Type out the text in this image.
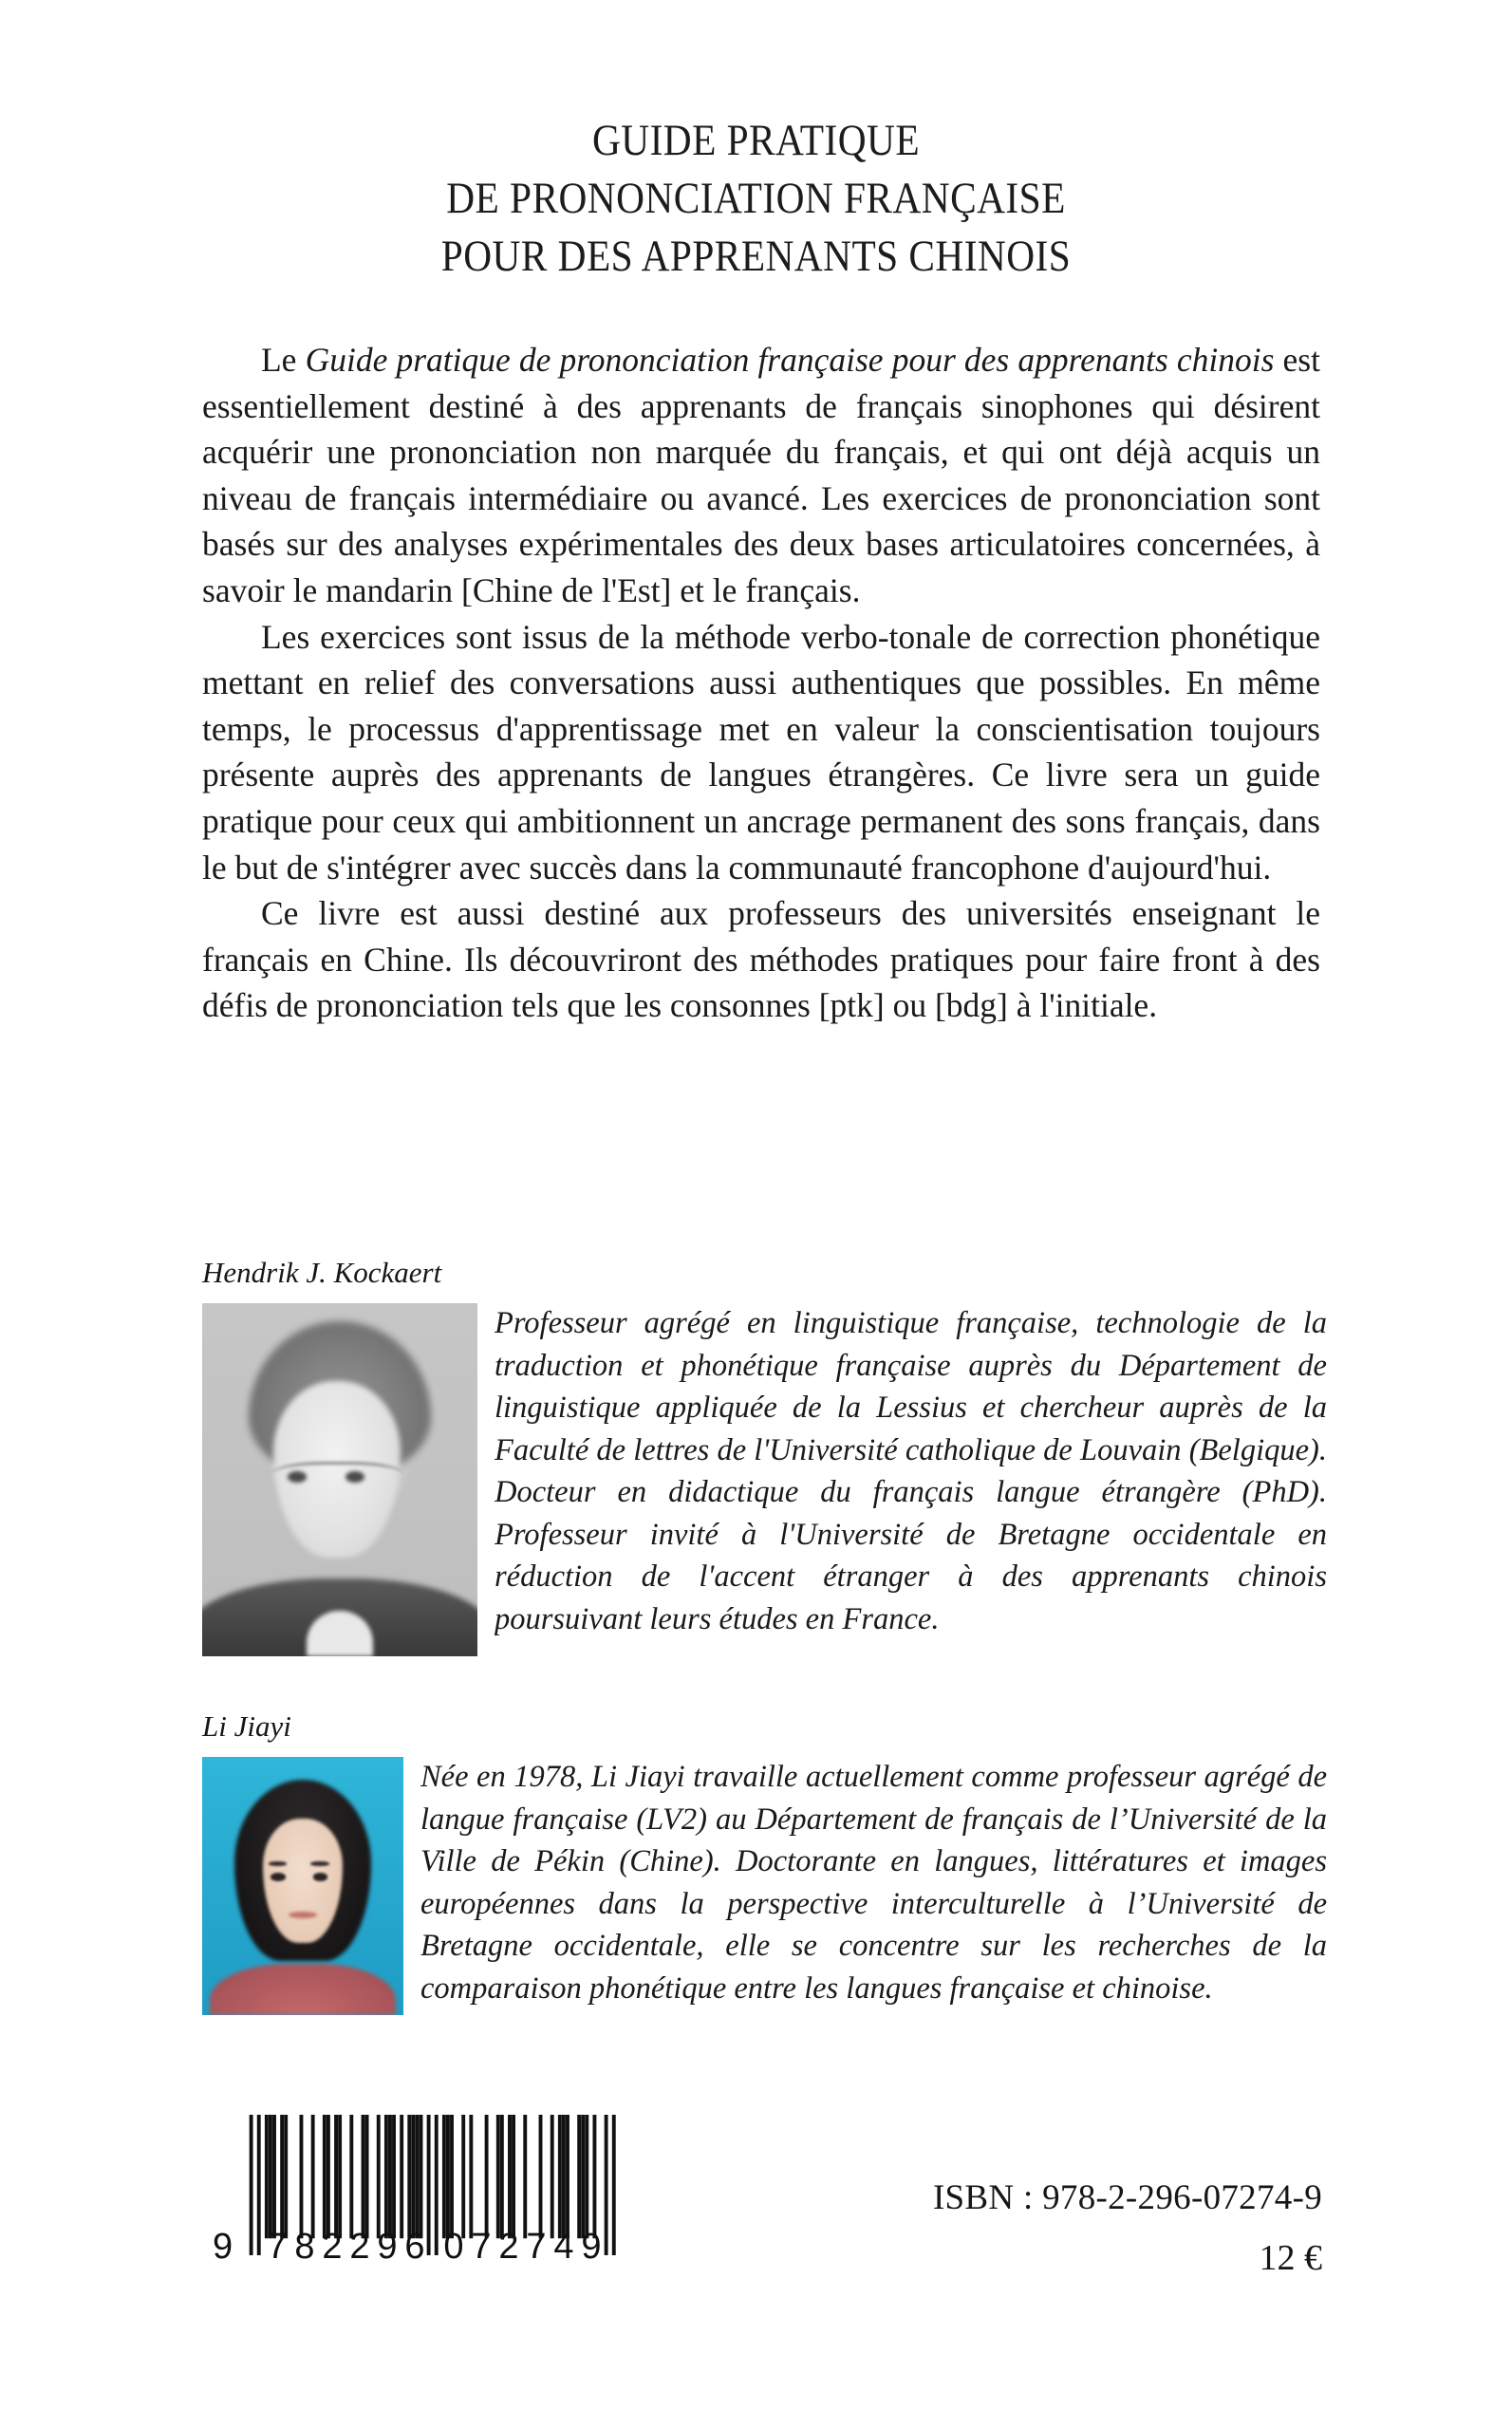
GUIDE PRATIQUE
DE PRONONCIATION FRANÇAISE
POUR DES APPRENANTS CHINOIS

Le Guide pratique de prononciation française pour des apprenants chinois est essentiellement destiné à des apprenants de français sinophones qui désirent acquérir une prononciation non marquée du français, et qui ont déjà acquis un niveau de français intermédiaire ou avancé. Les exercices de prononciation sont basés sur des analyses expérimentales des deux bases articulatoires concernées, à savoir le mandarin [Chine de l'Est] et le français.

Les exercices sont issus de la méthode verbo-tonale de correction phonétique mettant en relief des conversations aussi authentiques que possibles. En même temps, le processus d'apprentissage met en valeur la conscientisation toujours présente auprès des apprenants de langues étrangères. Ce livre sera un guide pratique pour ceux qui ambitionnent un ancrage permanent des sons français, dans le but de s'intégrer avec succès dans la communauté francophone d'aujourd'hui.

Ce livre est aussi destiné aux professeurs des universités enseignant le français en Chine. Ils découvriront des méthodes pratiques pour faire front à des défis de prononciation tels que les consonnes [ptk] ou [bdg] à l'initiale.

Hendrik J. Kockaert

Professeur agrégé en linguistique française, technologie de la traduction et phonétique française auprès du Département de linguistique appliquée de la Lessius et chercheur auprès de la Faculté de lettres de l'Université catholique de Louvain (Belgique). Docteur en didactique du français langue étrangère (PhD). Professeur invité à l'Université de Bretagne occidentale en réduction de l'accent étranger à des apprenants chinois poursuivant leurs études en France.

Li Jiayi

Née en 1978, Li Jiayi travaille actuellement comme professeur agrégé de langue française (LV2) au Département de français de l’Université de la Ville de Pékin (Chine). Doctorante en langues, littératures et images européennes dans la perspective interculturelle à l’Université de Bretagne occidentale, elle se concentre sur les recherches de la comparaison phonétique entre les langues française et chinoise.

9 7 8 2 2 9 6 0 7 2 7 4 9
ISBN : 978-2-296-07274-9
12 €
